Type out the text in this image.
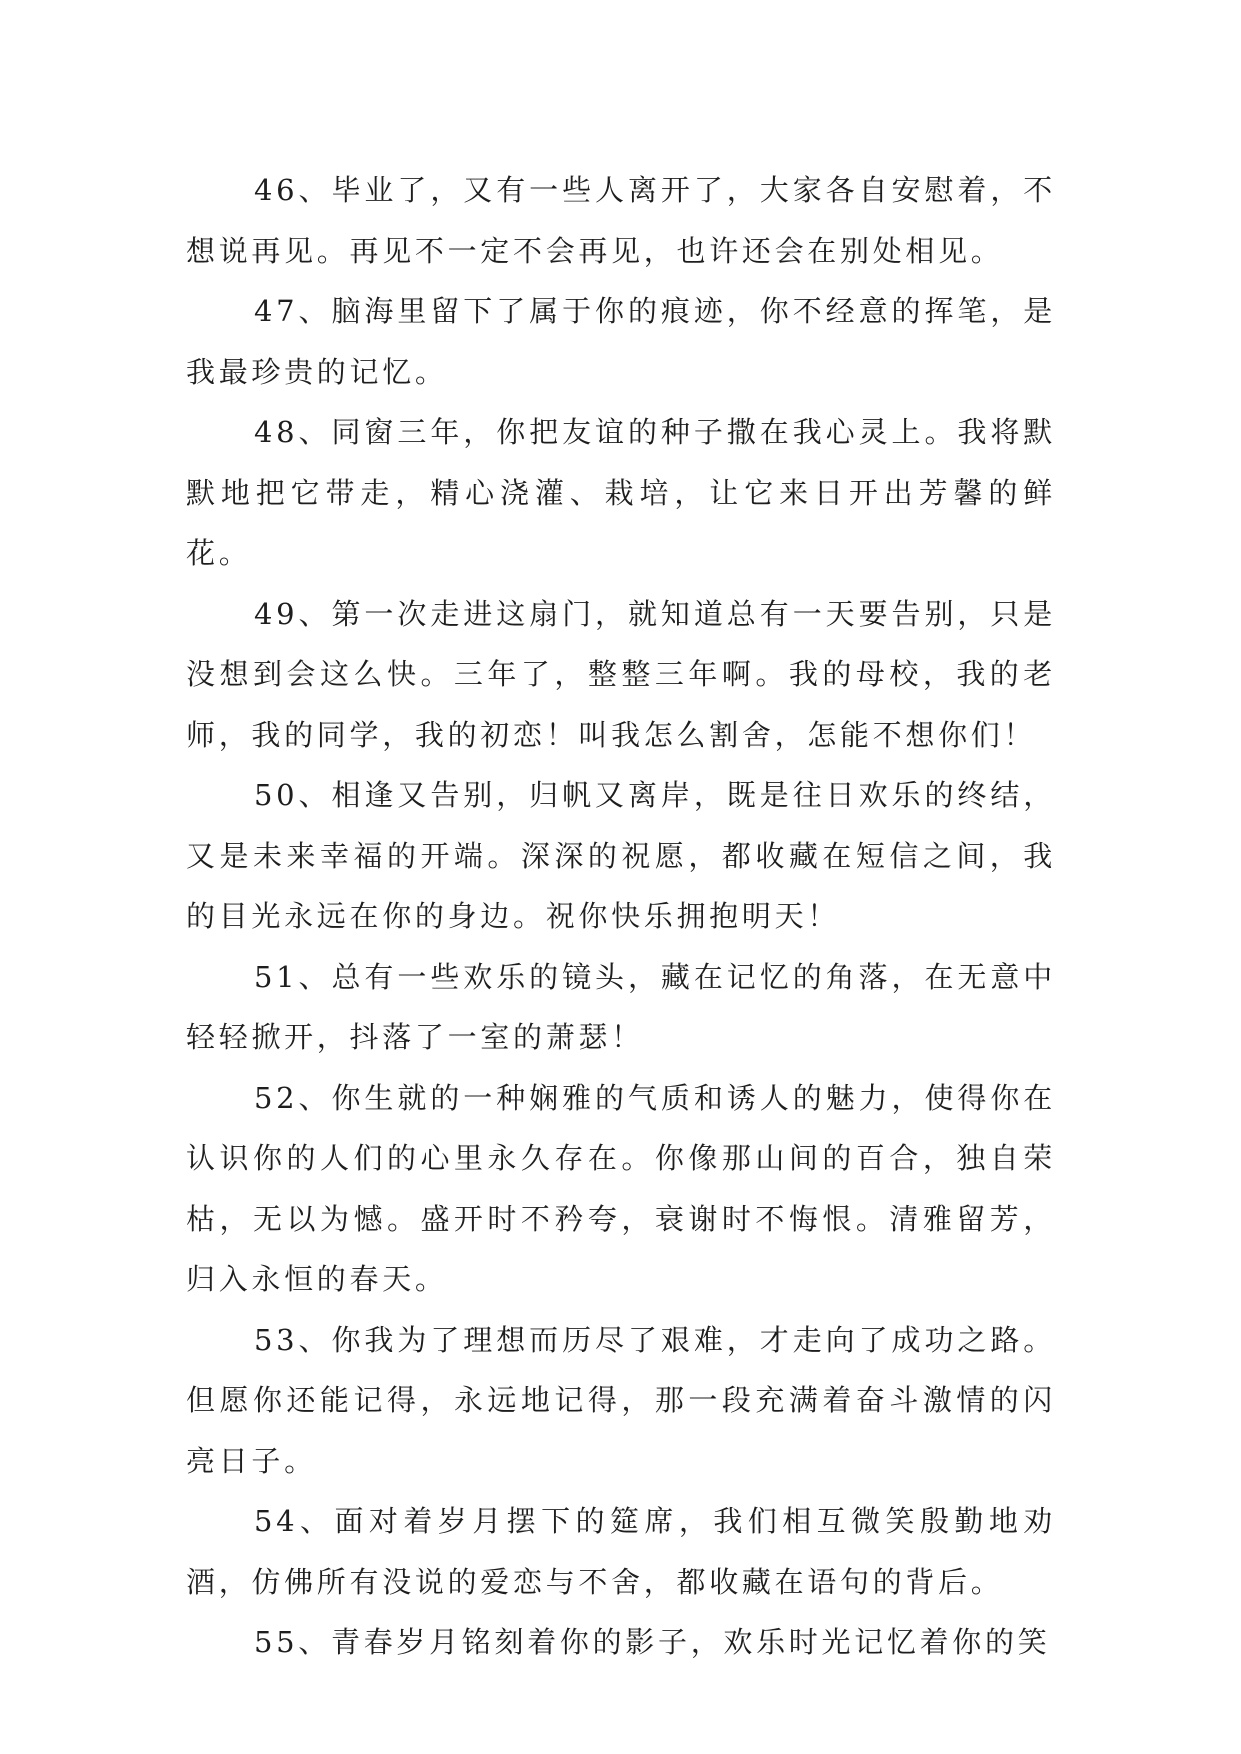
46、毕业了，又有一些人离开了，大家各自安慰着，不想说再见。再见不一定不会再见，也许还会在别处相见。

47、脑海里留下了属于你的痕迹，你不经意的挥笔，是我最珍贵的记忆。

48、同窗三年，你把友谊的种子撒在我心灵上。我将默默地把它带走，精心浇灌、栽培，让它来日开出芳馨的鲜花。

49、第一次走进这扇门，就知道总有一天要告别，只是没想到会这么快。三年了，整整三年啊。我的母校，我的老师，我的同学，我的初恋！叫我怎么割舍，怎能不想你们！

50、相逢又告别，归帆又离岸，既是往日欢乐的终结，又是未来幸福的开端。深深的祝愿，都收藏在短信之间，我的目光永远在你的身边。祝你快乐拥抱明天！

51、总有一些欢乐的镜头，藏在记忆的角落，在无意中轻轻掀开，抖落了一室的萧瑟！

52、你生就的一种娴雅的气质和诱人的魅力，使得你在认识你的人们的心里永久存在。你像那山间的百合，独自荣枯，无以为憾。盛开时不矜夸，衰谢时不悔恨。清雅留芳，归入永恒的春天。

53、你我为了理想而历尽了艰难，才走向了成功之路。但愿你还能记得，永远地记得，那一段充满着奋斗激情的闪亮日子。

54、面对着岁月摆下的筵席，我们相互微笑殷勤地劝酒，仿佛所有没说的爱恋与不舍，都收藏在语句的背后。

55、青春岁月铭刻着你的影子，欢乐时光记忆着你的笑
